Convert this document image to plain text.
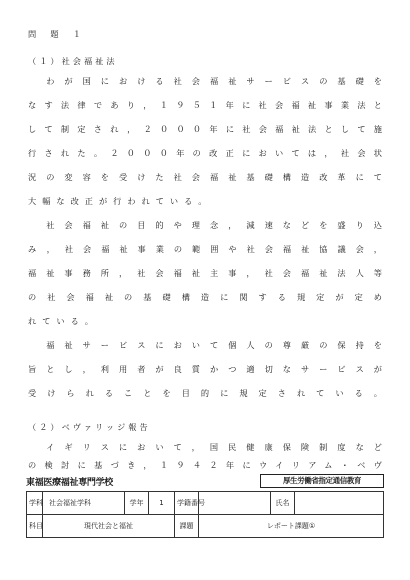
問　題　１

（１）社会福祉法

　わが国における社会福祉サービスの基礎を

なす法律であり，１９５１年に社会福祉事業法と

して制定され，２０００年に社会福祉法として施

行された。２０００年の改正においては，社会状

況の変容を受けた社会福祉基礎構造改革にて

大幅な改正が行われている。

　社会福祉の目的や理念，減速などを盛り込

み，社会福祉事業の範囲や社会福祉協議会，

福祉事務所，社会福祉主事，社会福祉法人等

の社会福祉の基礎構造に関する規定が定め

れている。

　福祉サービスにおいて個人の尊厳の保持を

旨とし，利用者が良質かつ適切なサービスが

受けられることを目的に規定されている。

（２）ベヴァリッジ報告

　イギリスにおいて，国民健康保険制度など

の検討に基づき，１９４２年にウイリアム・ベヴ

東福医療福祉専門学校	厚生労働省指定通信教育
学科	社会福祉学科	学年	1	学籍番号		氏名	
科目	現代社会と福祉			課題	レポート課題①		
